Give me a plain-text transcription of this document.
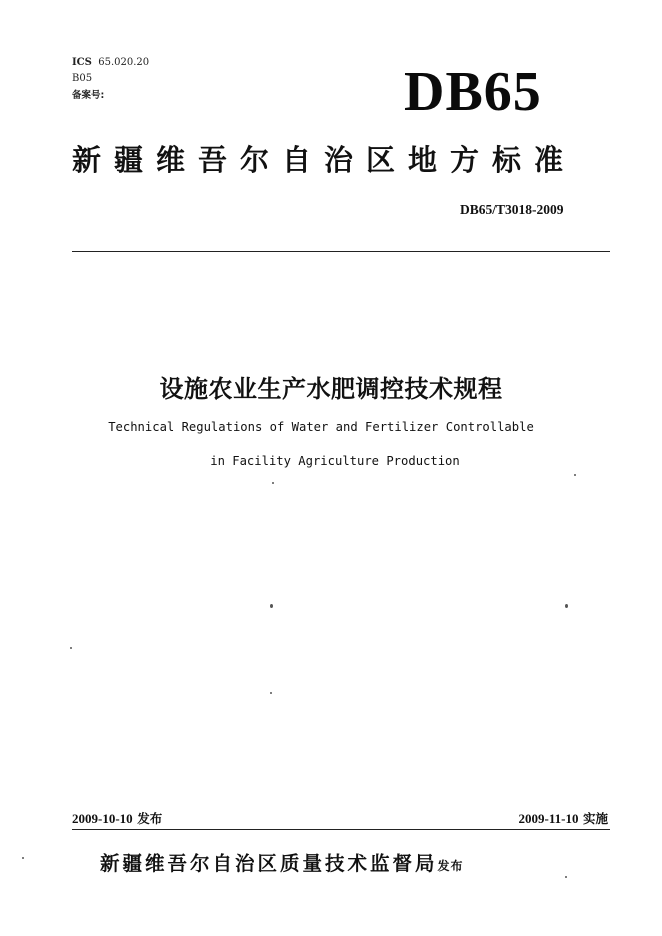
ICS 65.020.20
B05
备案号:	DB65
新疆维吾尔自治区地方标准
DB65/T3018-2009
设施农业生产水肥调控技术规程
Technical Regulations of Water and Fertilizer Controllable
in Facility Agriculture Production
2009-10-10 发布	2009-11-10 实施
新疆维吾尔自治区质量技术监督局发布
